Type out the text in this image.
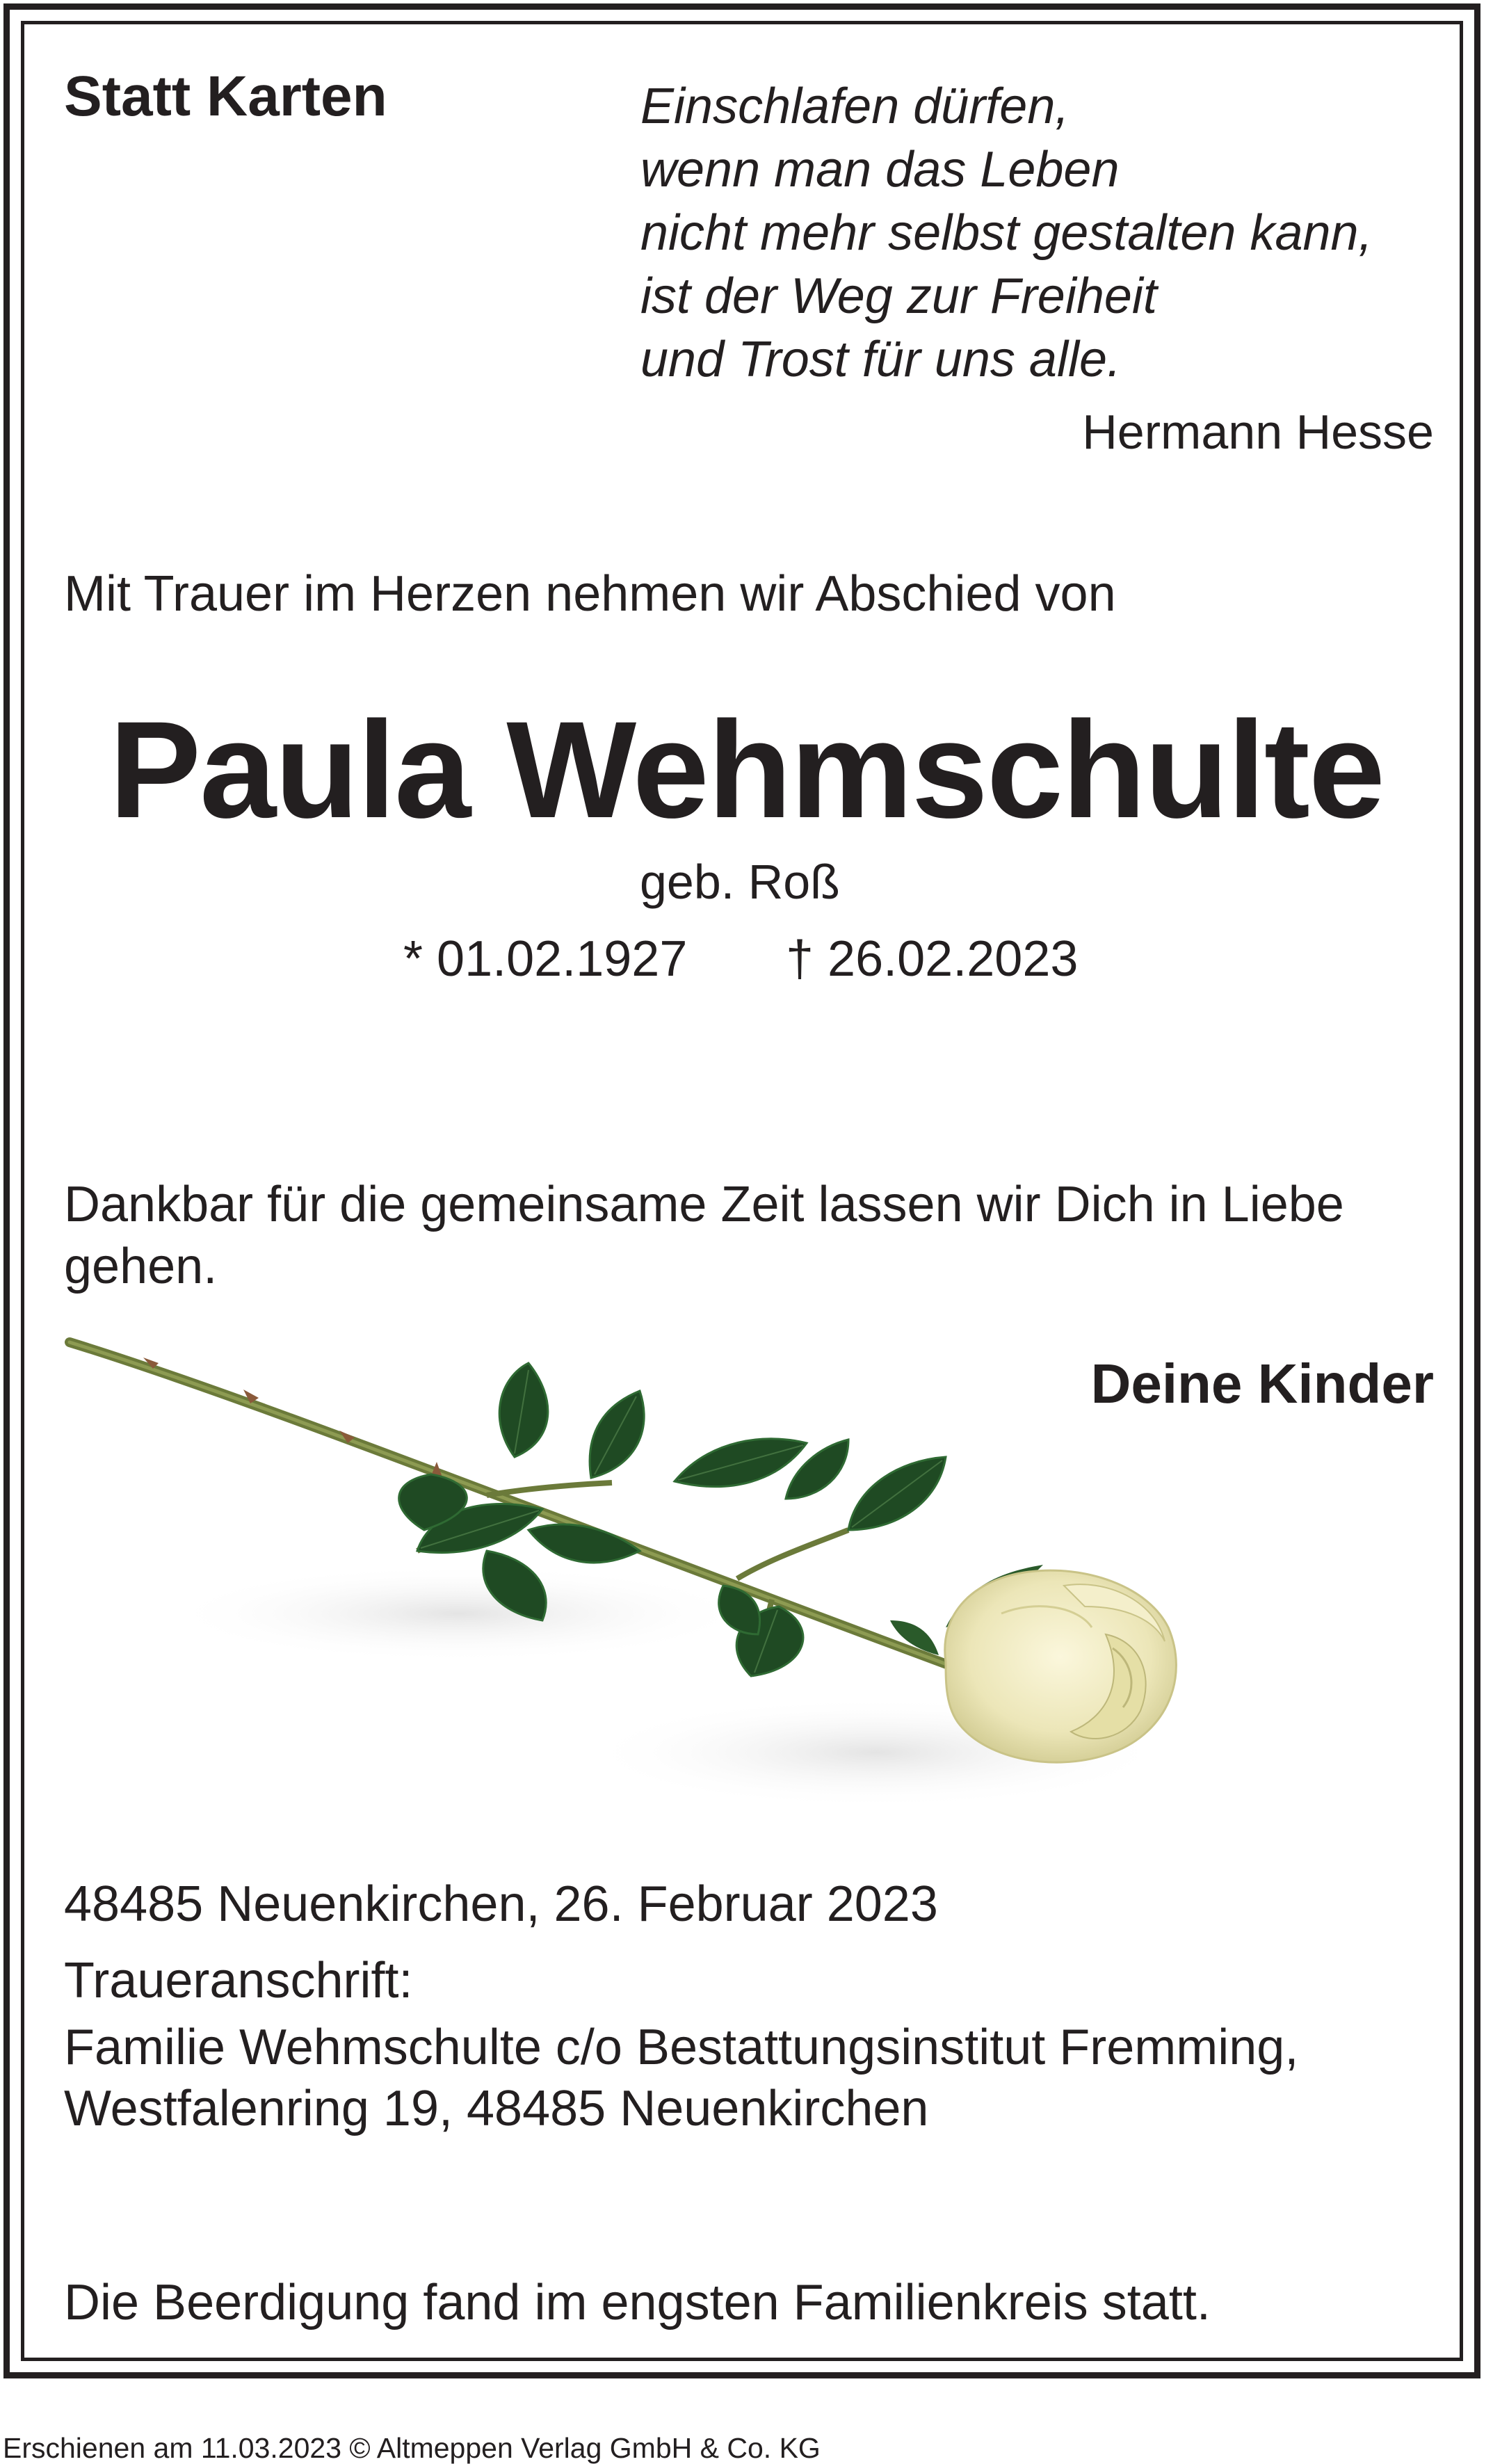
Statt Karten	Einschlafen dürfen,
wenn man das Leben
nicht mehr selbst gestalten kann,
ist der Weg zur Freiheit
und Trost für uns alle.
Hermann Hesse
Mit Trauer im Herzen nehmen wir Abschied von
Paula Wehmschulte
geb. Roß
* 01.02.1927 † 26.02.2023
Dankbar für die gemeinsame Zeit lassen wir Dich in Liebe gehen.
Deine Kinder
48485 Neuenkirchen, 26. Februar 2023
Traueranschrift:
Familie Wehmschulte c/o Bestattungsinstitut Fremming,
Westfalenring 19, 48485 Neuenkirchen
Die Beerdigung fand im engsten Familienkreis statt.
Erschienen am 11.03.2023 © Altmeppen Verlag GmbH & Co. KG
